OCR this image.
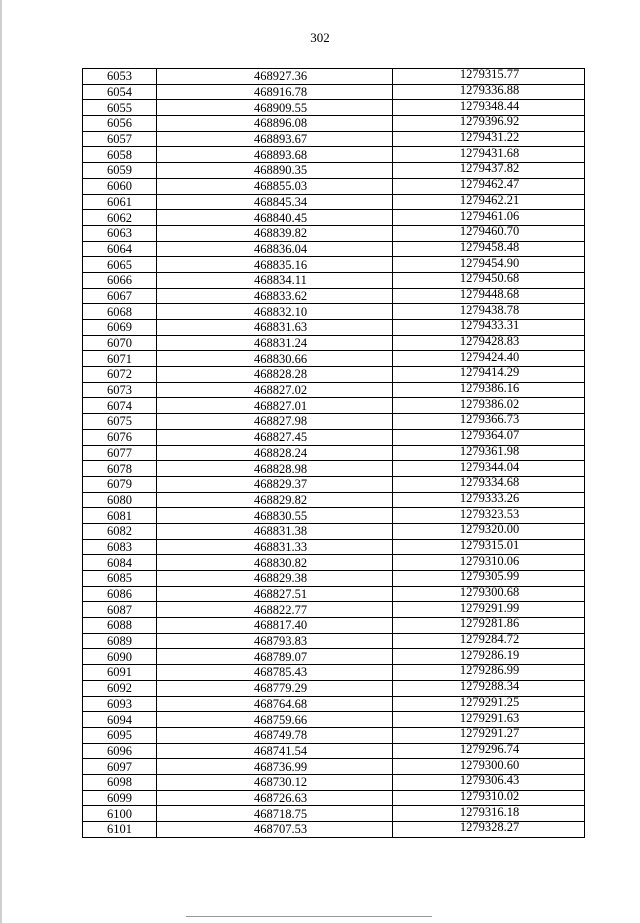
302
6053	468927.36	1279315.77
6054	468916.78	1279336.88
6055	468909.55	1279348.44
6056	468896.08	1279396.92
6057	468893.67	1279431.22
6058	468893.68	1279431.68
6059	468890.35	1279437.82
6060	468855.03	1279462.47
6061	468845.34	1279462.21
6062	468840.45	1279461.06
6063	468839.82	1279460.70
6064	468836.04	1279458.48
6065	468835.16	1279454.90
6066	468834.11	1279450.68
6067	468833.62	1279448.68
6068	468832.10	1279438.78
6069	468831.63	1279433.31
6070	468831.24	1279428.83
6071	468830.66	1279424.40
6072	468828.28	1279414.29
6073	468827.02	1279386.16
6074	468827.01	1279386.02
6075	468827.98	1279366.73
6076	468827.45	1279364.07
6077	468828.24	1279361.98
6078	468828.98	1279344.04
6079	468829.37	1279334.68
6080	468829.82	1279333.26
6081	468830.55	1279323.53
6082	468831.38	1279320.00
6083	468831.33	1279315.01
6084	468830.82	1279310.06
6085	468829.38	1279305.99
6086	468827.51	1279300.68
6087	468822.77	1279291.99
6088	468817.40	1279281.86
6089	468793.83	1279284.72
6090	468789.07	1279286.19
6091	468785.43	1279286.99
6092	468779.29	1279288.34
6093	468764.68	1279291.25
6094	468759.66	1279291.63
6095	468749.78	1279291.27
6096	468741.54	1279296.74
6097	468736.99	1279300.60
6098	468730.12	1279306.43
6099	468726.63	1279310.02
6100	468718.75	1279316.18
6101	468707.53	1279328.27
